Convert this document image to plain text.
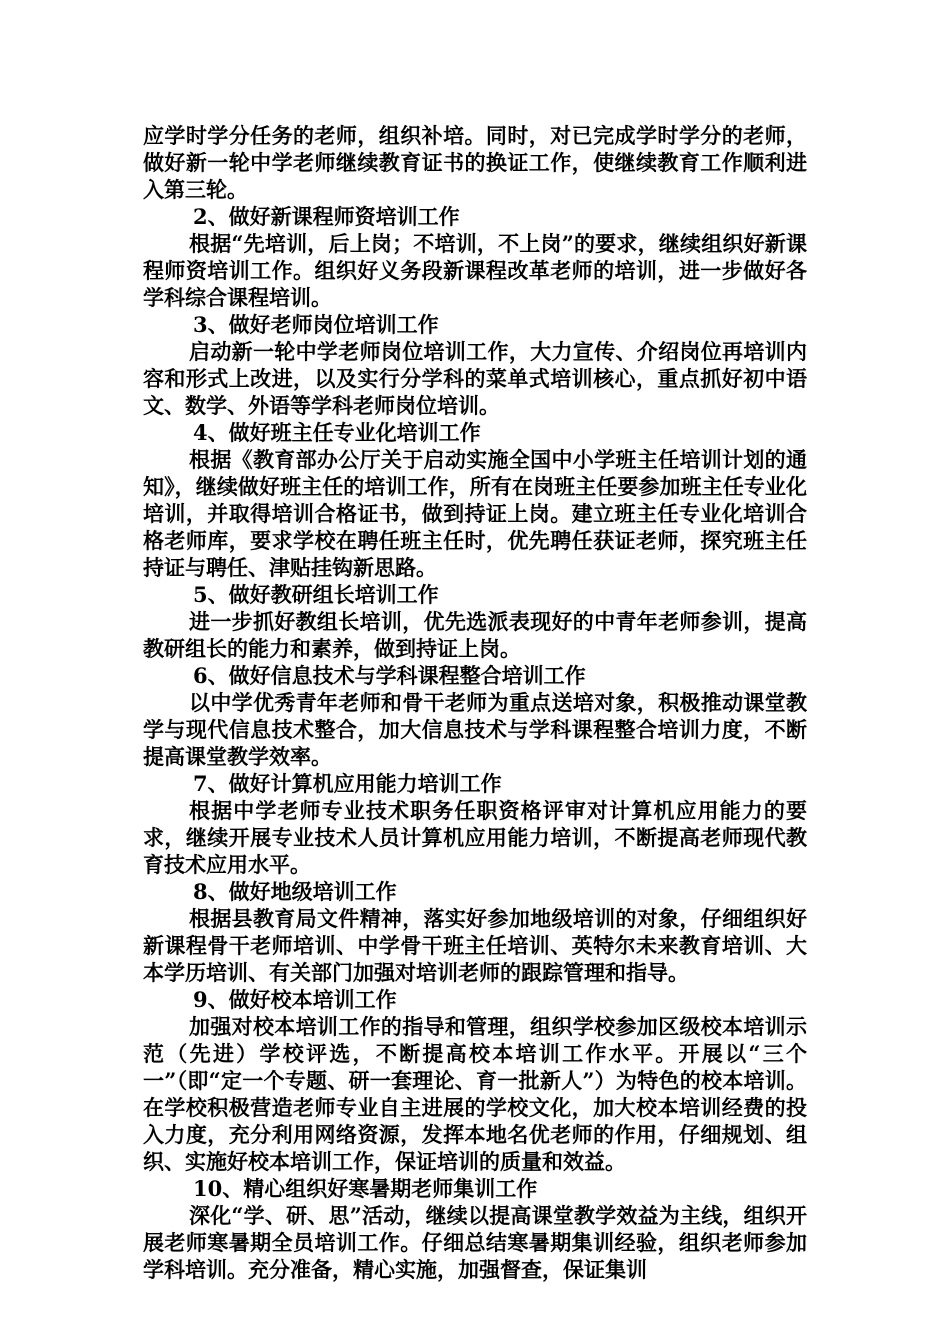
应学时学分任务的老师，组织补培。同时，对已完成学时学分的老师，做好新一轮中学老师继续教育证书的换证工作，使继续教育工作顺利进入第三轮。

2、做好新课程师资培训工作

根据“先培训，后上岗；不培训，不上岗”的要求，继续组织好新课程师资培训工作。组织好义务段新课程改革老师的培训，进一步做好各学科综合课程培训。

3、做好老师岗位培训工作

启动新一轮中学老师岗位培训工作，大力宣传、介绍岗位再培训内容和形式上改进，以及实行分学科的菜单式培训核心，重点抓好初中语文、数学、外语等学科老师岗位培训。

4、做好班主任专业化培训工作

根据《教育部办公厅关于启动实施全国中小学班主任培训计划的通知》，继续做好班主任的培训工作，所有在岗班主任要参加班主任专业化培训，并取得培训合格证书，做到持证上岗。建立班主任专业化培训合格老师库，要求学校在聘任班主任时，优先聘任获证老师，探究班主任持证与聘任、津贴挂钩新思路。

5、做好教研组长培训工作

进一步抓好教组长培训，优先选派表现好的中青年老师参训，提高教研组长的能力和素养，做到持证上岗。

6、做好信息技术与学科课程整合培训工作

以中学优秀青年老师和骨干老师为重点送培对象，积极推动课堂教学与现代信息技术整合，加大信息技术与学科课程整合培训力度，不断提高课堂教学效率。

7、做好计算机应用能力培训工作

根据中学老师专业技术职务任职资格评审对计算机应用能力的要求，继续开展专业技术人员计算机应用能力培训，不断提高老师现代教育技术应用水平。

8、做好地级培训工作

根据县教育局文件精神，落实好参加地级培训的对象，仔细组织好新课程骨干老师培训、中学骨干班主任培训、英特尔未来教育培训、大本学历培训、有关部门加强对培训老师的跟踪管理和指导。

9、做好校本培训工作

加强对校本培训工作的指导和管理，组织学校参加区级校本培训示范（先进）学校评选，不断提高校本培训工作水平。开展以“三个一”（即“定一个专题、研一套理论、育一批新人”）为特色的校本培训。在学校积极营造老师专业自主进展的学校文化，加大校本培训经费的投入力度，充分利用网络资源，发挥本地名优老师的作用，仔细规划、组织、实施好校本培训工作，保证培训的质量和效益。

10、精心组织好寒暑期老师集训工作

深化“学、研、思”活动，继续以提高课堂教学效益为主线，组织开展老师寒暑期全员培训工作。仔细总结寒暑期集训经验，组织老师参加学科培训。充分准备，精心实施，加强督查，保证集训
